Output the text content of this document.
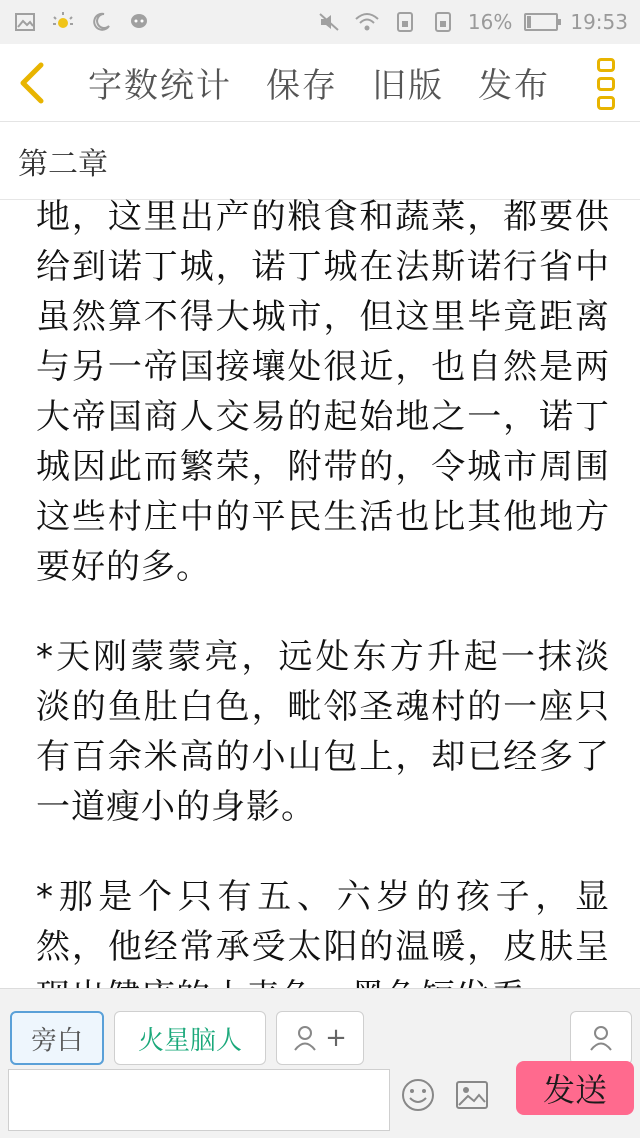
16%	19:53
字数统计 保存 旧版 发布
第二章

地，这里出产的粮食和蔬菜，都要供给到诺丁城，诺丁城在法斯诺行省中虽然算不得大城市，但这里毕竟距离与另一帝国接壤处很近，也自然是两大帝国商人交易的起始地之一，诺丁城因此而繁荣，附带的，令城市周围这些村庄中的平民生活也比其他地方要好的多。

*天刚蒙蒙亮，远处东方升起一抹淡淡的鱼肚白色，毗邻圣魂村的一座只有百余米高的小山包上，却已经多了一道瘦小的身影。

*那是个只有五、六岁的孩子，显然，他经常承受太阳的温暖，皮肤呈

旁白 火星脑人	+
发送
